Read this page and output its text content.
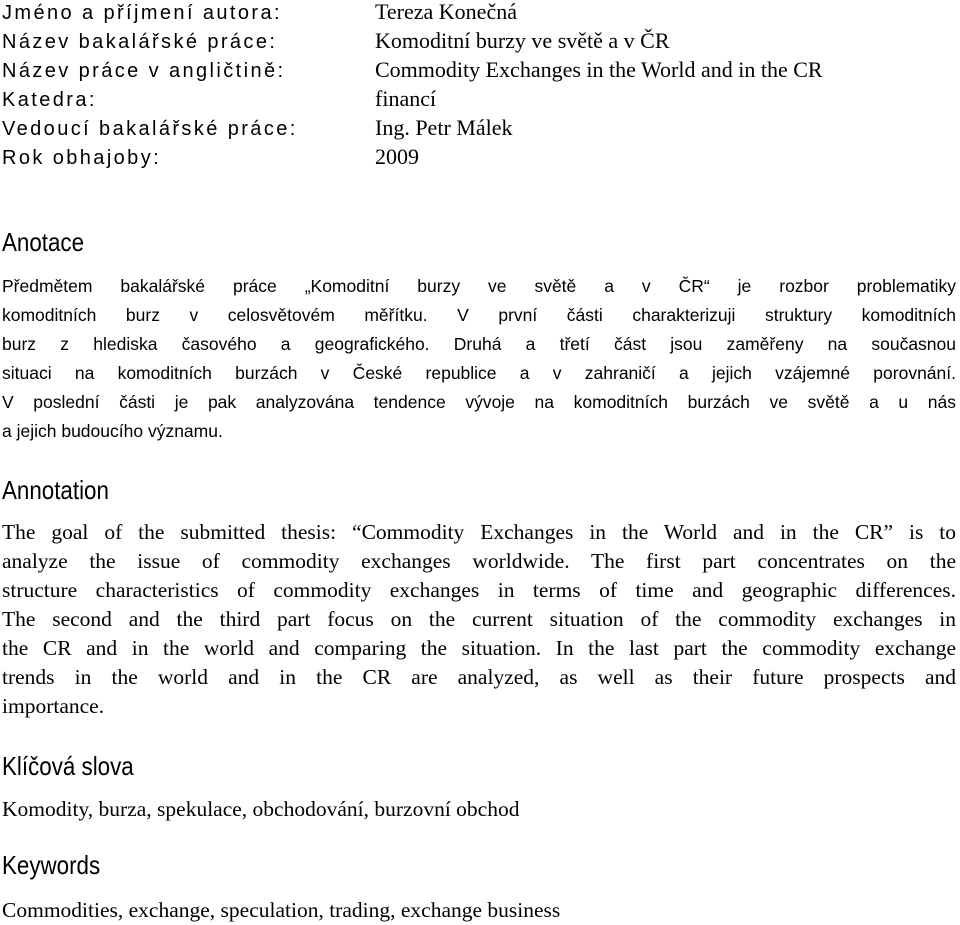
Jméno a příjmení autora:	Tereza Konečná
Název bakalářské práce:	Komoditní burzy ve světě a v ČR
Název práce v angličtině:	Commodity Exchanges in the World and in the CR
Katedra:	financí
Vedoucí bakalářské práce:	Ing. Petr Málek
Rok obhajoby:	2009
Anotace
Předmětem bakalářské práce „Komoditní burzy ve světě a v ČR“ je rozbor problematiky
komoditních burz v celosvětovém měřítku. V první části charakterizuji struktury komoditních
burz z hlediska časového a geografického. Druhá a třetí část jsou zaměřeny na současnou
situaci na komoditních burzách v České republice a v zahraničí a jejich vzájemné porovnání.
V poslední části je pak analyzována tendence vývoje na komoditních burzách ve světě a u nás
a jejich budoucího významu.
Annotation
The goal of the submitted thesis: “Commodity Exchanges in the World and in the CR” is to
analyze the issue of commodity exchanges worldwide. The first part concentrates on the
structure characteristics of commodity exchanges in terms of time and geographic differences.
The second and the third part focus on the current situation of the commodity exchanges in
the CR and in the world and comparing the situation. In the last part the commodity exchange
trends in the world and in the CR are analyzed, as well as their future prospects and
importance.
Klíčová slova

Komodity, burza, spekulace, obchodování, burzovní obchod

Keywords

Commodities, exchange, speculation, trading, exchange business
